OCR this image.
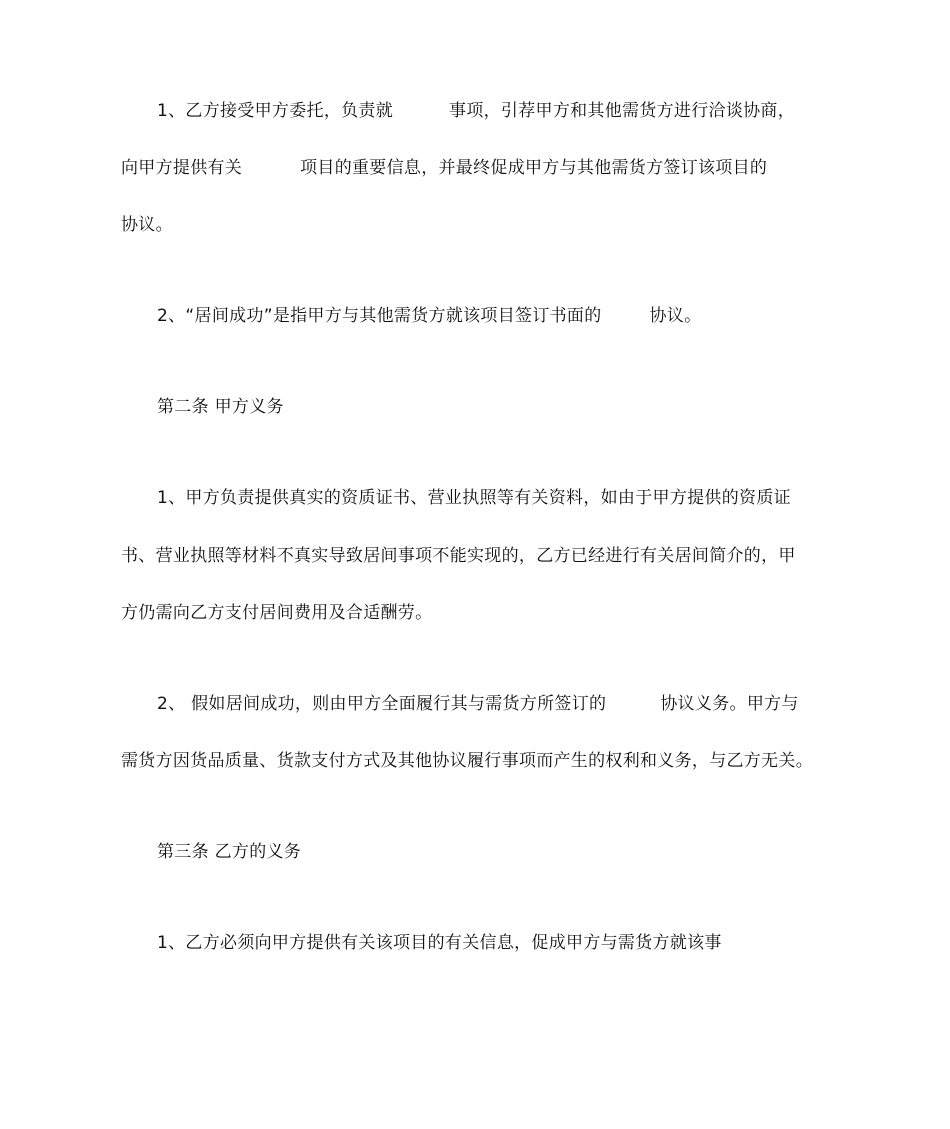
1、乙方接受甲方委托，负责就	事项，引荐甲方和其他需货方进行洽谈协商，
向甲方提供有关	项目的重要信息，并最终促成甲方与其他需货方签订该项目的
协议。
2、“居间成功”是指甲方与其他需货方就该项目签订书面的	协议。
第二条 甲方义务
1、甲方负责提供真实的资质证书、营业执照等有关资料，如由于甲方提供的资质证
书、营业执照等材料不真实导致居间事项不能实现的，乙方已经进行有关居间简介的，甲
方仍需向乙方支付居间费用及合适酬劳。
2、 假如居间成功，则由甲方全面履行其与需货方所签订的	协议义务。甲方与
需货方因货品质量、货款支付方式及其他协议履行事项而产生的权利和义务，与乙方无关。
第三条 乙方的义务
1、乙方必须向甲方提供有关该项目的有关信息，促成甲方与需货方就该事
